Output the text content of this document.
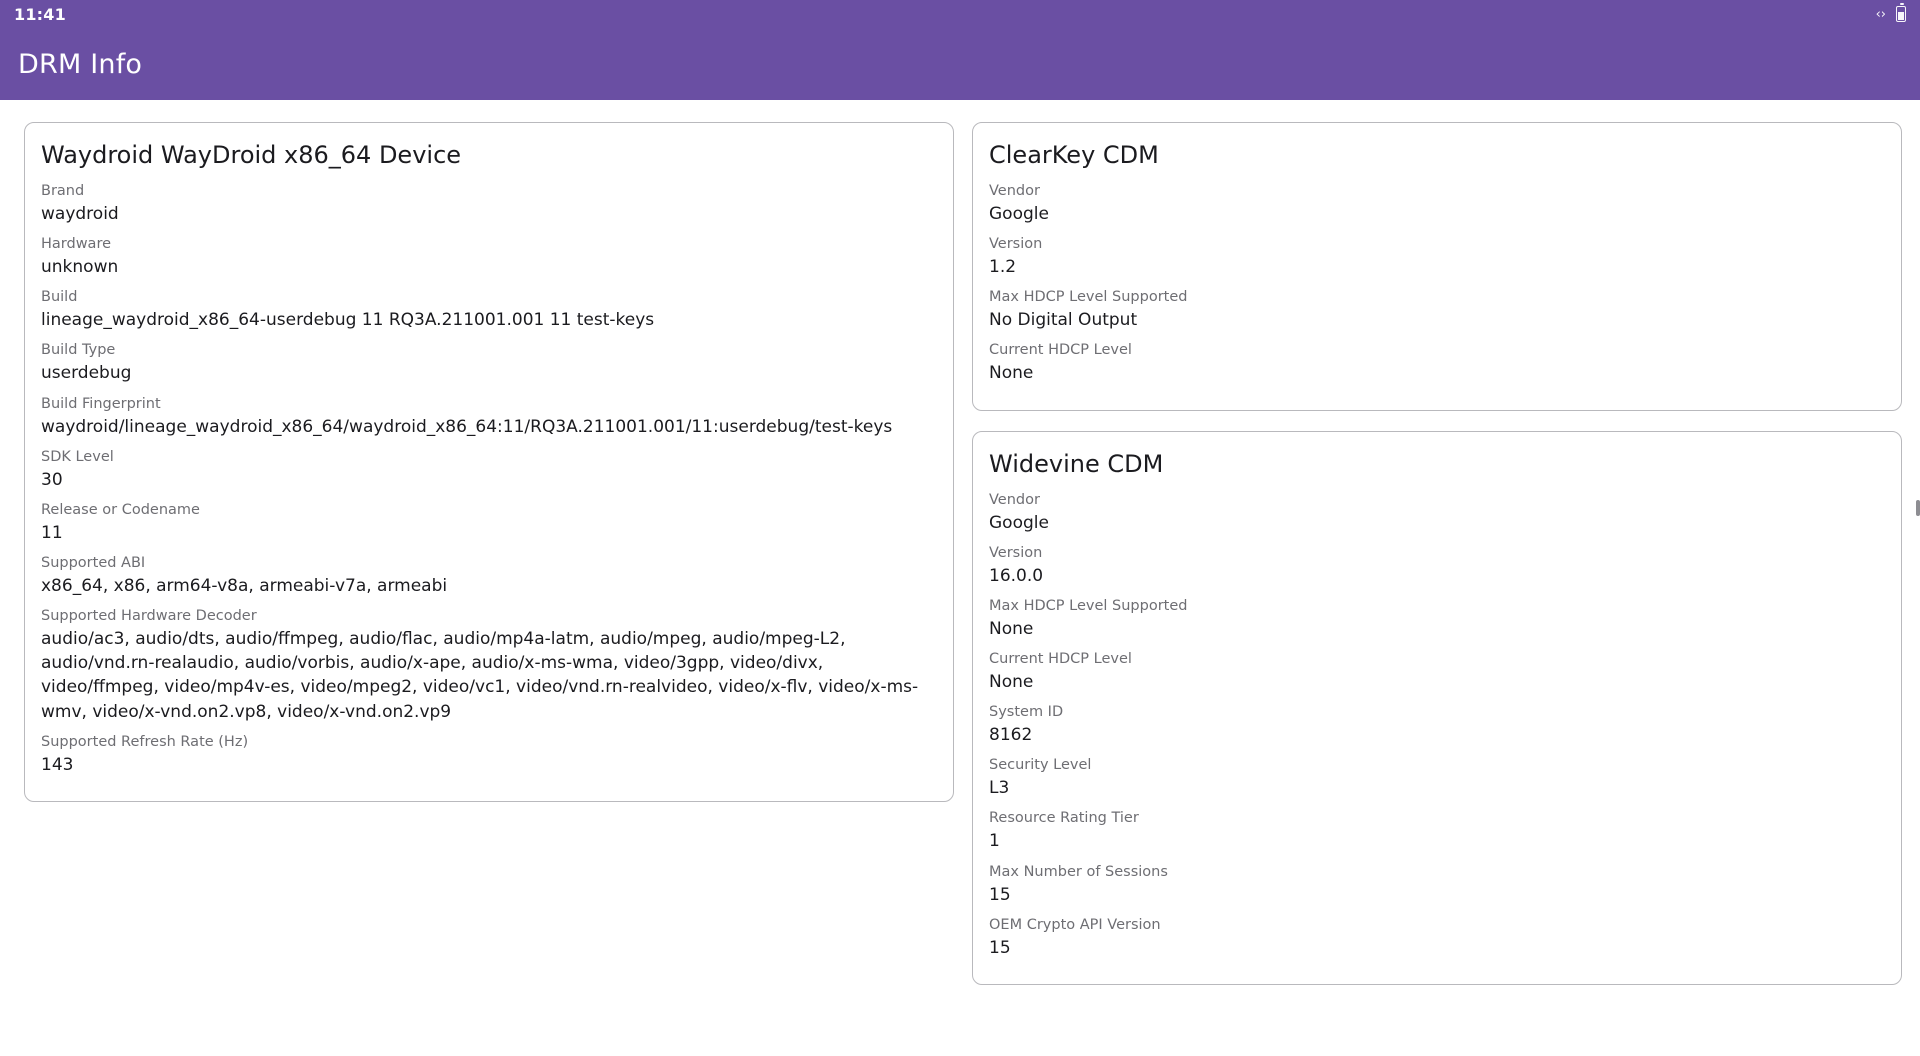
11:41	‹›
DRM Info
Waydroid WayDroid x86_64 Device
Brand
waydroid
Hardware
unknown
Build
lineage_waydroid_x86_64-userdebug 11 RQ3A.211001.001 11 test-keys
Build Type
userdebug
Build Fingerprint
waydroid/lineage_waydroid_x86_64/waydroid_x86_64:11/RQ3A.211001.001/11:userdebug/test-keys
SDK Level
30
Release or Codename
11
Supported ABI
x86_64, x86, arm64-v8a, armeabi-v7a, armeabi
Supported Hardware Decoder
audio/ac3, audio/dts, audio/ffmpeg, audio/flac, audio/mp4a-latm, audio/mpeg, audio/mpeg-L2, audio/vnd.rn-realaudio, audio/vorbis, audio/x-ape, audio/x-ms-wma, video/3gpp, video/divx, video/ffmpeg, video/mp4v-es, video/mpeg2, video/vc1, video/vnd.rn-realvideo, video/x-flv, video/x-ms-wmv, video/x-vnd.on2.vp8, video/x-vnd.on2.vp9
Supported Refresh Rate (Hz)
143
ClearKey CDM
Vendor
Google
Version
1.2
Max HDCP Level Supported
No Digital Output
Current HDCP Level
None
Widevine CDM
Vendor
Google
Version
16.0.0
Max HDCP Level Supported
None
Current HDCP Level
None
System ID
8162
Security Level
L3
Resource Rating Tier
1
Max Number of Sessions
15
OEM Crypto API Version
15
